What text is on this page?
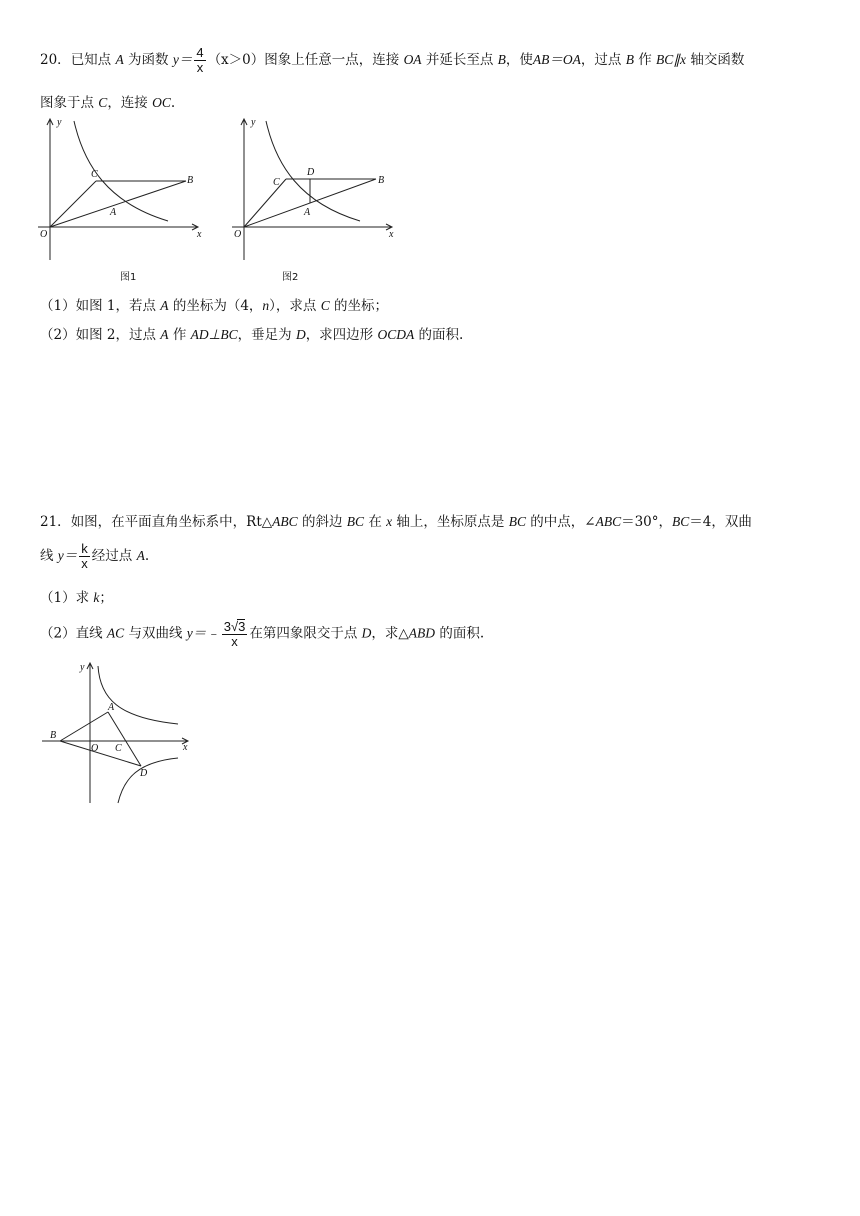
20．已知点 A 为函数 $y= \frac{4}{x} (x>0)$图象上任意一点，连接 OA 并延长至点 B，使AB＝OA，过点 B 作 BC∥x 轴交函数
图象于点 C，连接 OC.
y
x
O
C
B
A
图1
y
x
O
C
D
B
A
图2
（1）如图 1，若点 A 的坐标为（4，n），求点 C 的坐标；
（2）如图 2，过点 A 作 AD⊥BC，垂足为 D，求四边形 OCDA 的面积.
21．如图，在平面直角坐标系中，Rt△ABC 的斜边 BC 在 x 轴上，坐标原点是 BC 的中点，∠ABC＝30°，BC＝4，双曲
线 $y= \frac{k}{x}$ 经过点 A.
（1）求 k；
（2）直线 AC 与双曲线 y＝﹣ $\frac{3√3}{x}$ 在第四象限交于点 D，求△ABD 的面积.
y
x
B
O C
A
D
